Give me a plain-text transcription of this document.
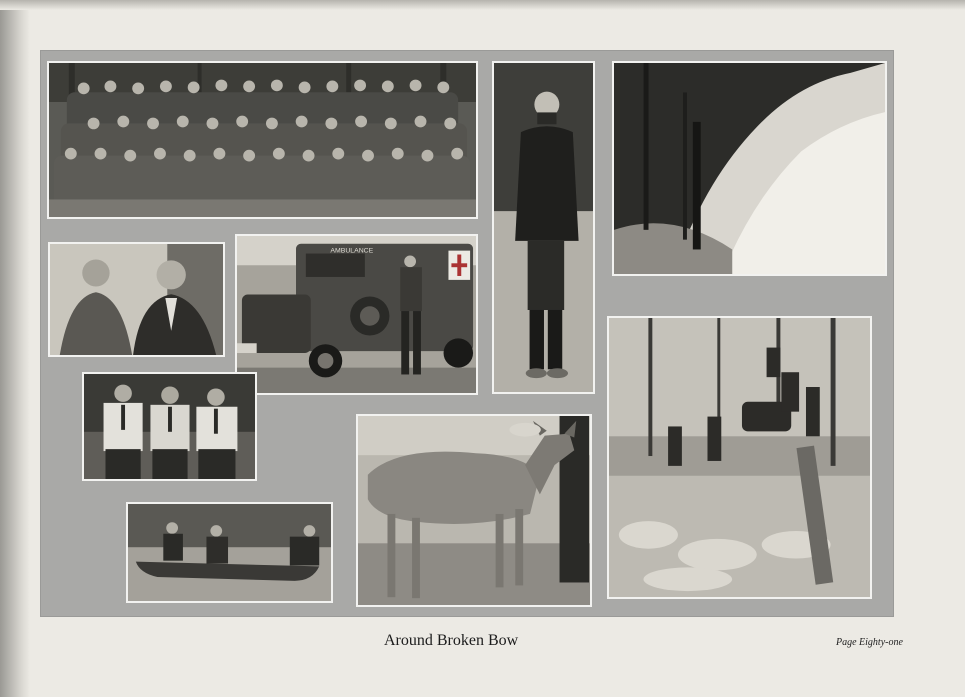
AMBULANCE
Around Broken Bow	Page Eighty-one
